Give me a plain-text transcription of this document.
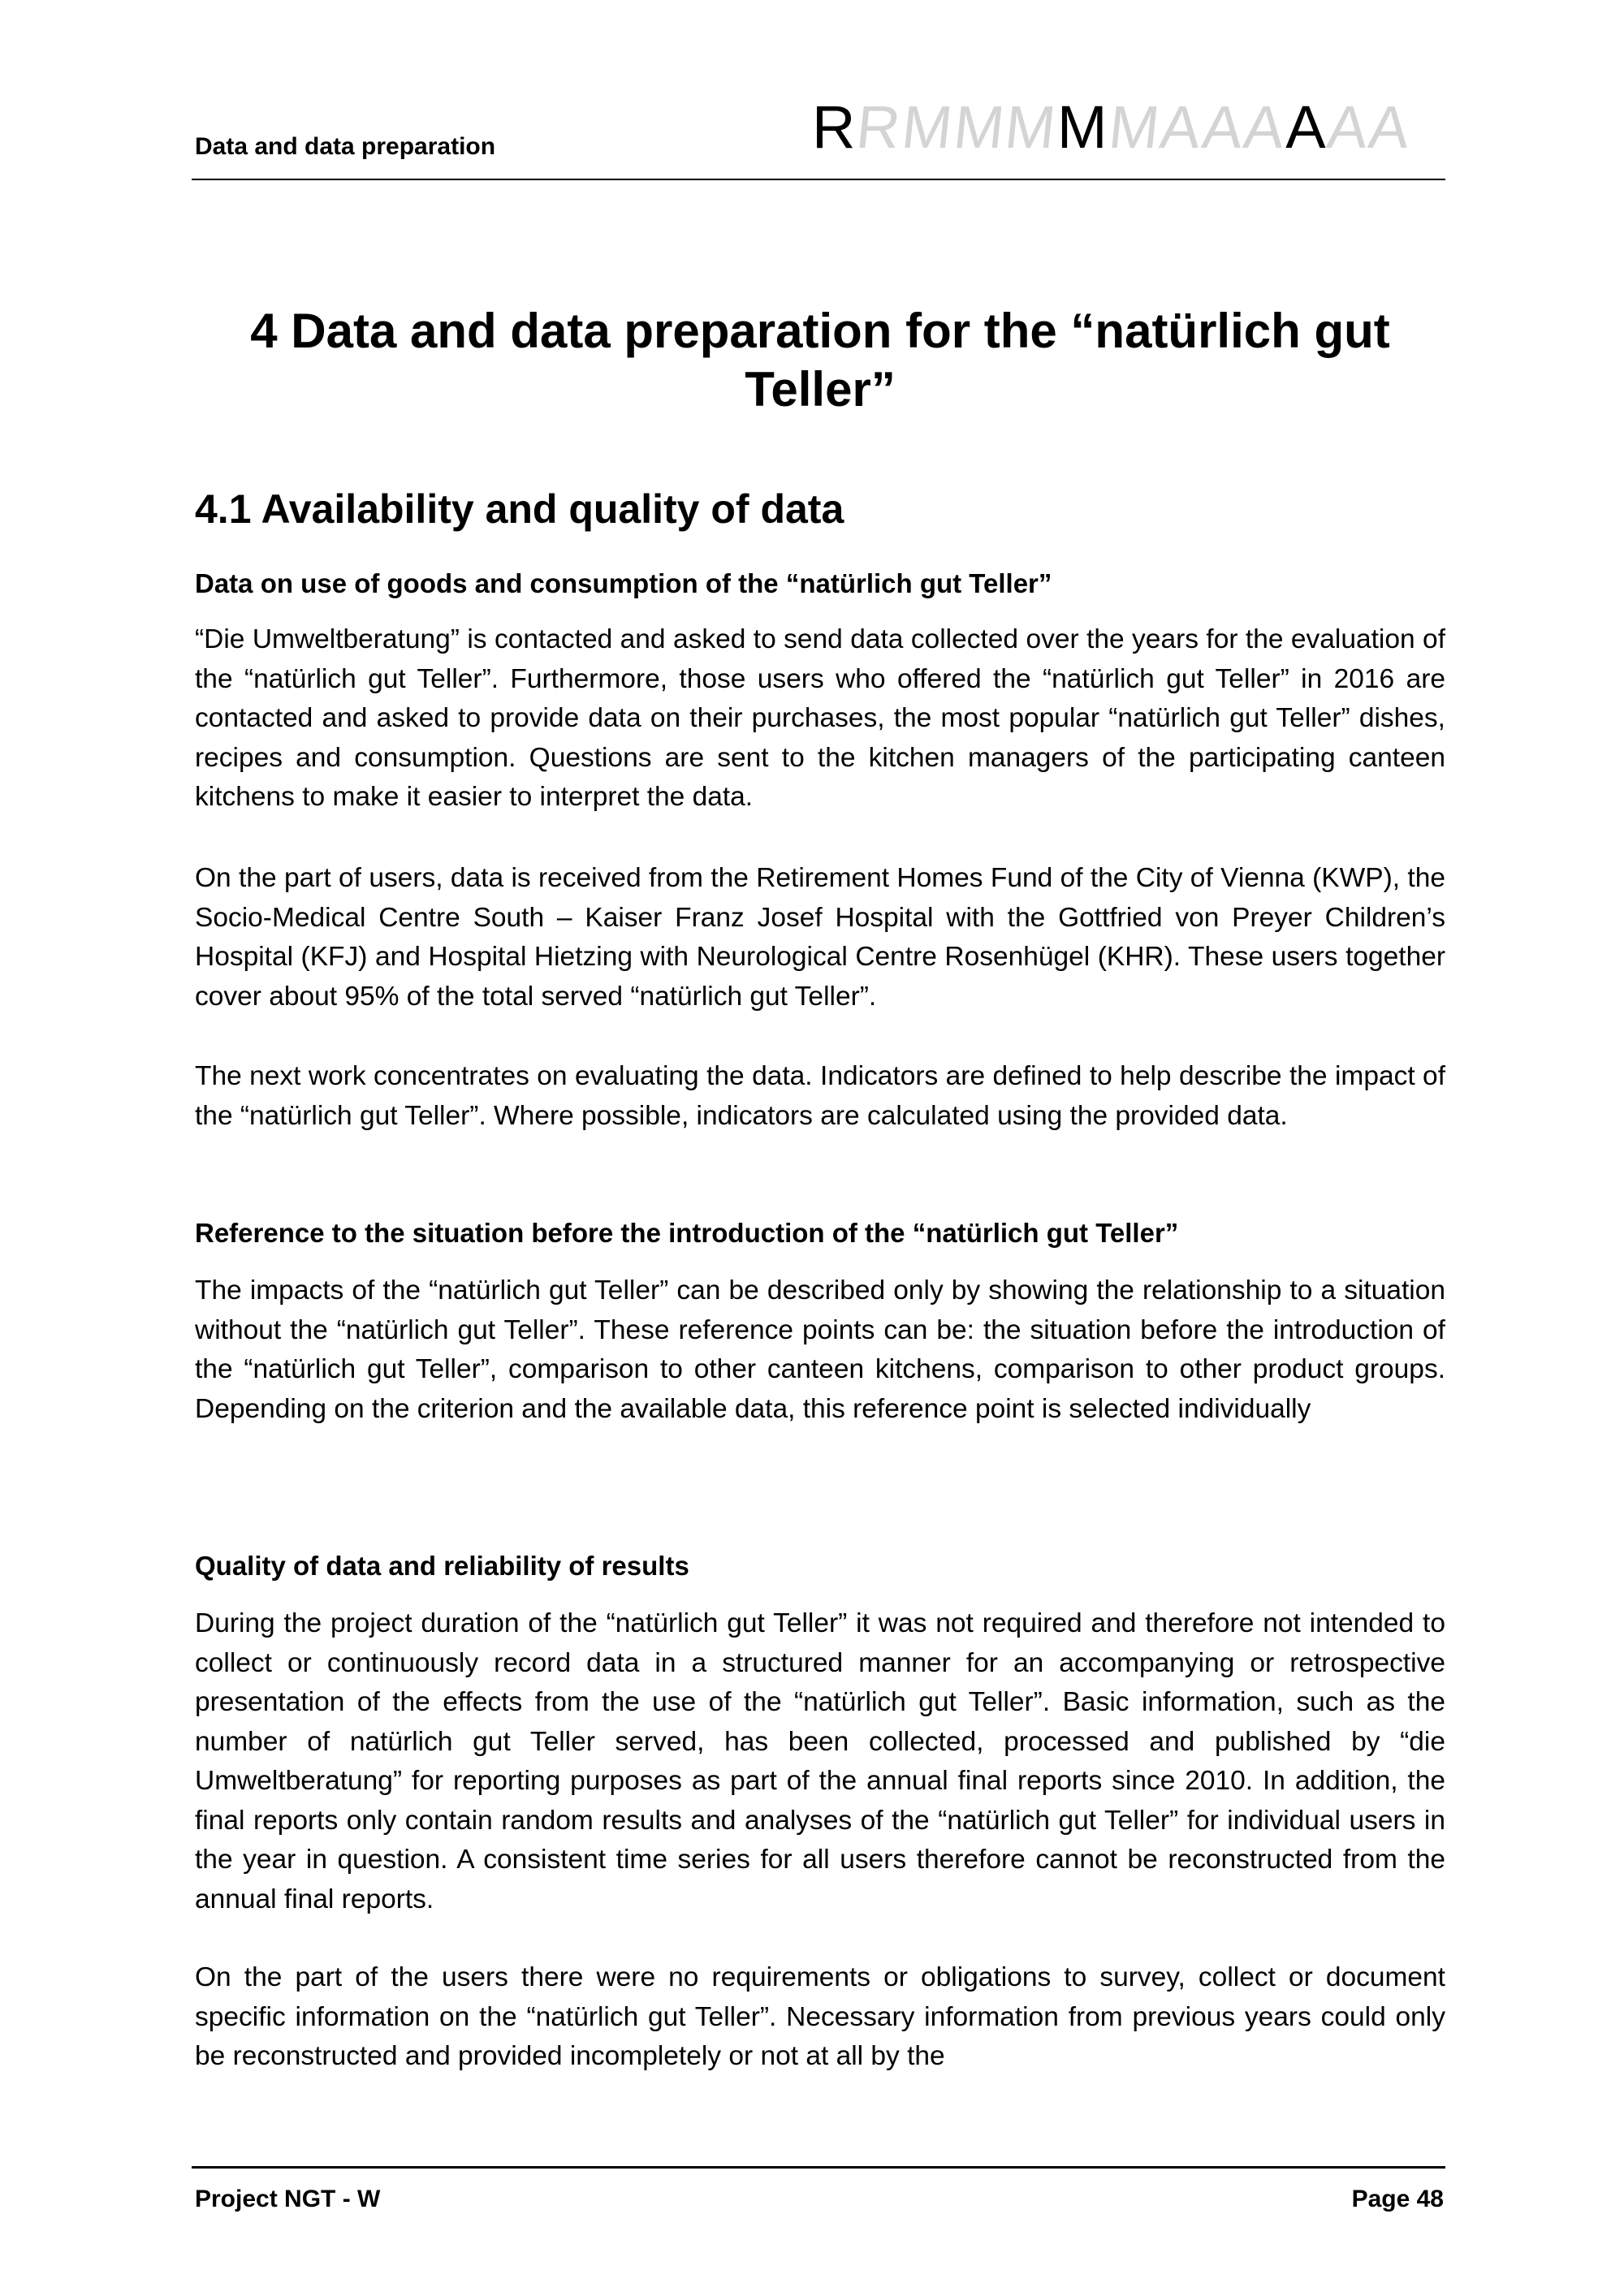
Data and data preparation	R
R
M
M
M
M
M
A
A
A
A
A
A
4 Data and data preparation for the “natürlich gut Teller”
4.1 Availability and quality of data
Data on use of goods and consumption of the “natürlich gut Teller”
“Die Umweltberatung” is contacted and asked to send data collected over the years for the evaluation of the “natürlich gut Teller”. Furthermore, those users who offered the “natürlich gut Teller” in 2016 are contacted and asked to provide data on their purchases, the most popular “natürlich gut Teller” dishes, recipes and consumption. Questions are sent to the kitchen managers of the participating canteen kitchens to make it easier to interpret the data.
On the part of users, data is received from the Retirement Homes Fund of the City of Vienna (KWP), the Socio-Medical Centre South – Kaiser Franz Josef Hospital with the Gottfried von Preyer Children’s Hospital (KFJ) and Hospital Hietzing with Neurological Centre Rosenhügel (KHR). These users together cover about 95% of the total served “natürlich gut Teller”.
The next work concentrates on evaluating the data. Indicators are defined to help describe the impact of the “natürlich gut Teller”. Where possible, indicators are calculated using the provided data.
Reference to the situation before the introduction of the “natürlich gut Teller”
The impacts of the “natürlich gut Teller” can be described only by showing the relationship to a situation without the “natürlich gut Teller”. These reference points can be: the situation before the introduction of the “natürlich gut Teller”, comparison to other canteen kitchens, comparison to other product groups. Depending on the criterion and the available data, this reference point is selected individually
Quality of data and reliability of results
During the project duration of the “natürlich gut Teller” it was not required and therefore not intended to collect or continuously record data in a structured manner for an accompanying or retrospective presentation of the effects from the use of the “natürlich gut Teller”. Basic information, such as the number of natürlich gut Teller served, has been collected, processed and published by “die Umweltberatung” for reporting purposes as part of the annual final reports since 2010. In addition, the final reports only contain random results and analyses of the “natürlich gut Teller” for individual users in the year in question. A consistent time series for all users therefore cannot be reconstructed from the annual final reports.
On the part of the users there were no requirements or obligations to survey, collect or document specific information on the “natürlich gut Teller”. Necessary information from previous years could only be reconstructed and provided incompletely or not at all by the
Project NGT - W	Page 48
